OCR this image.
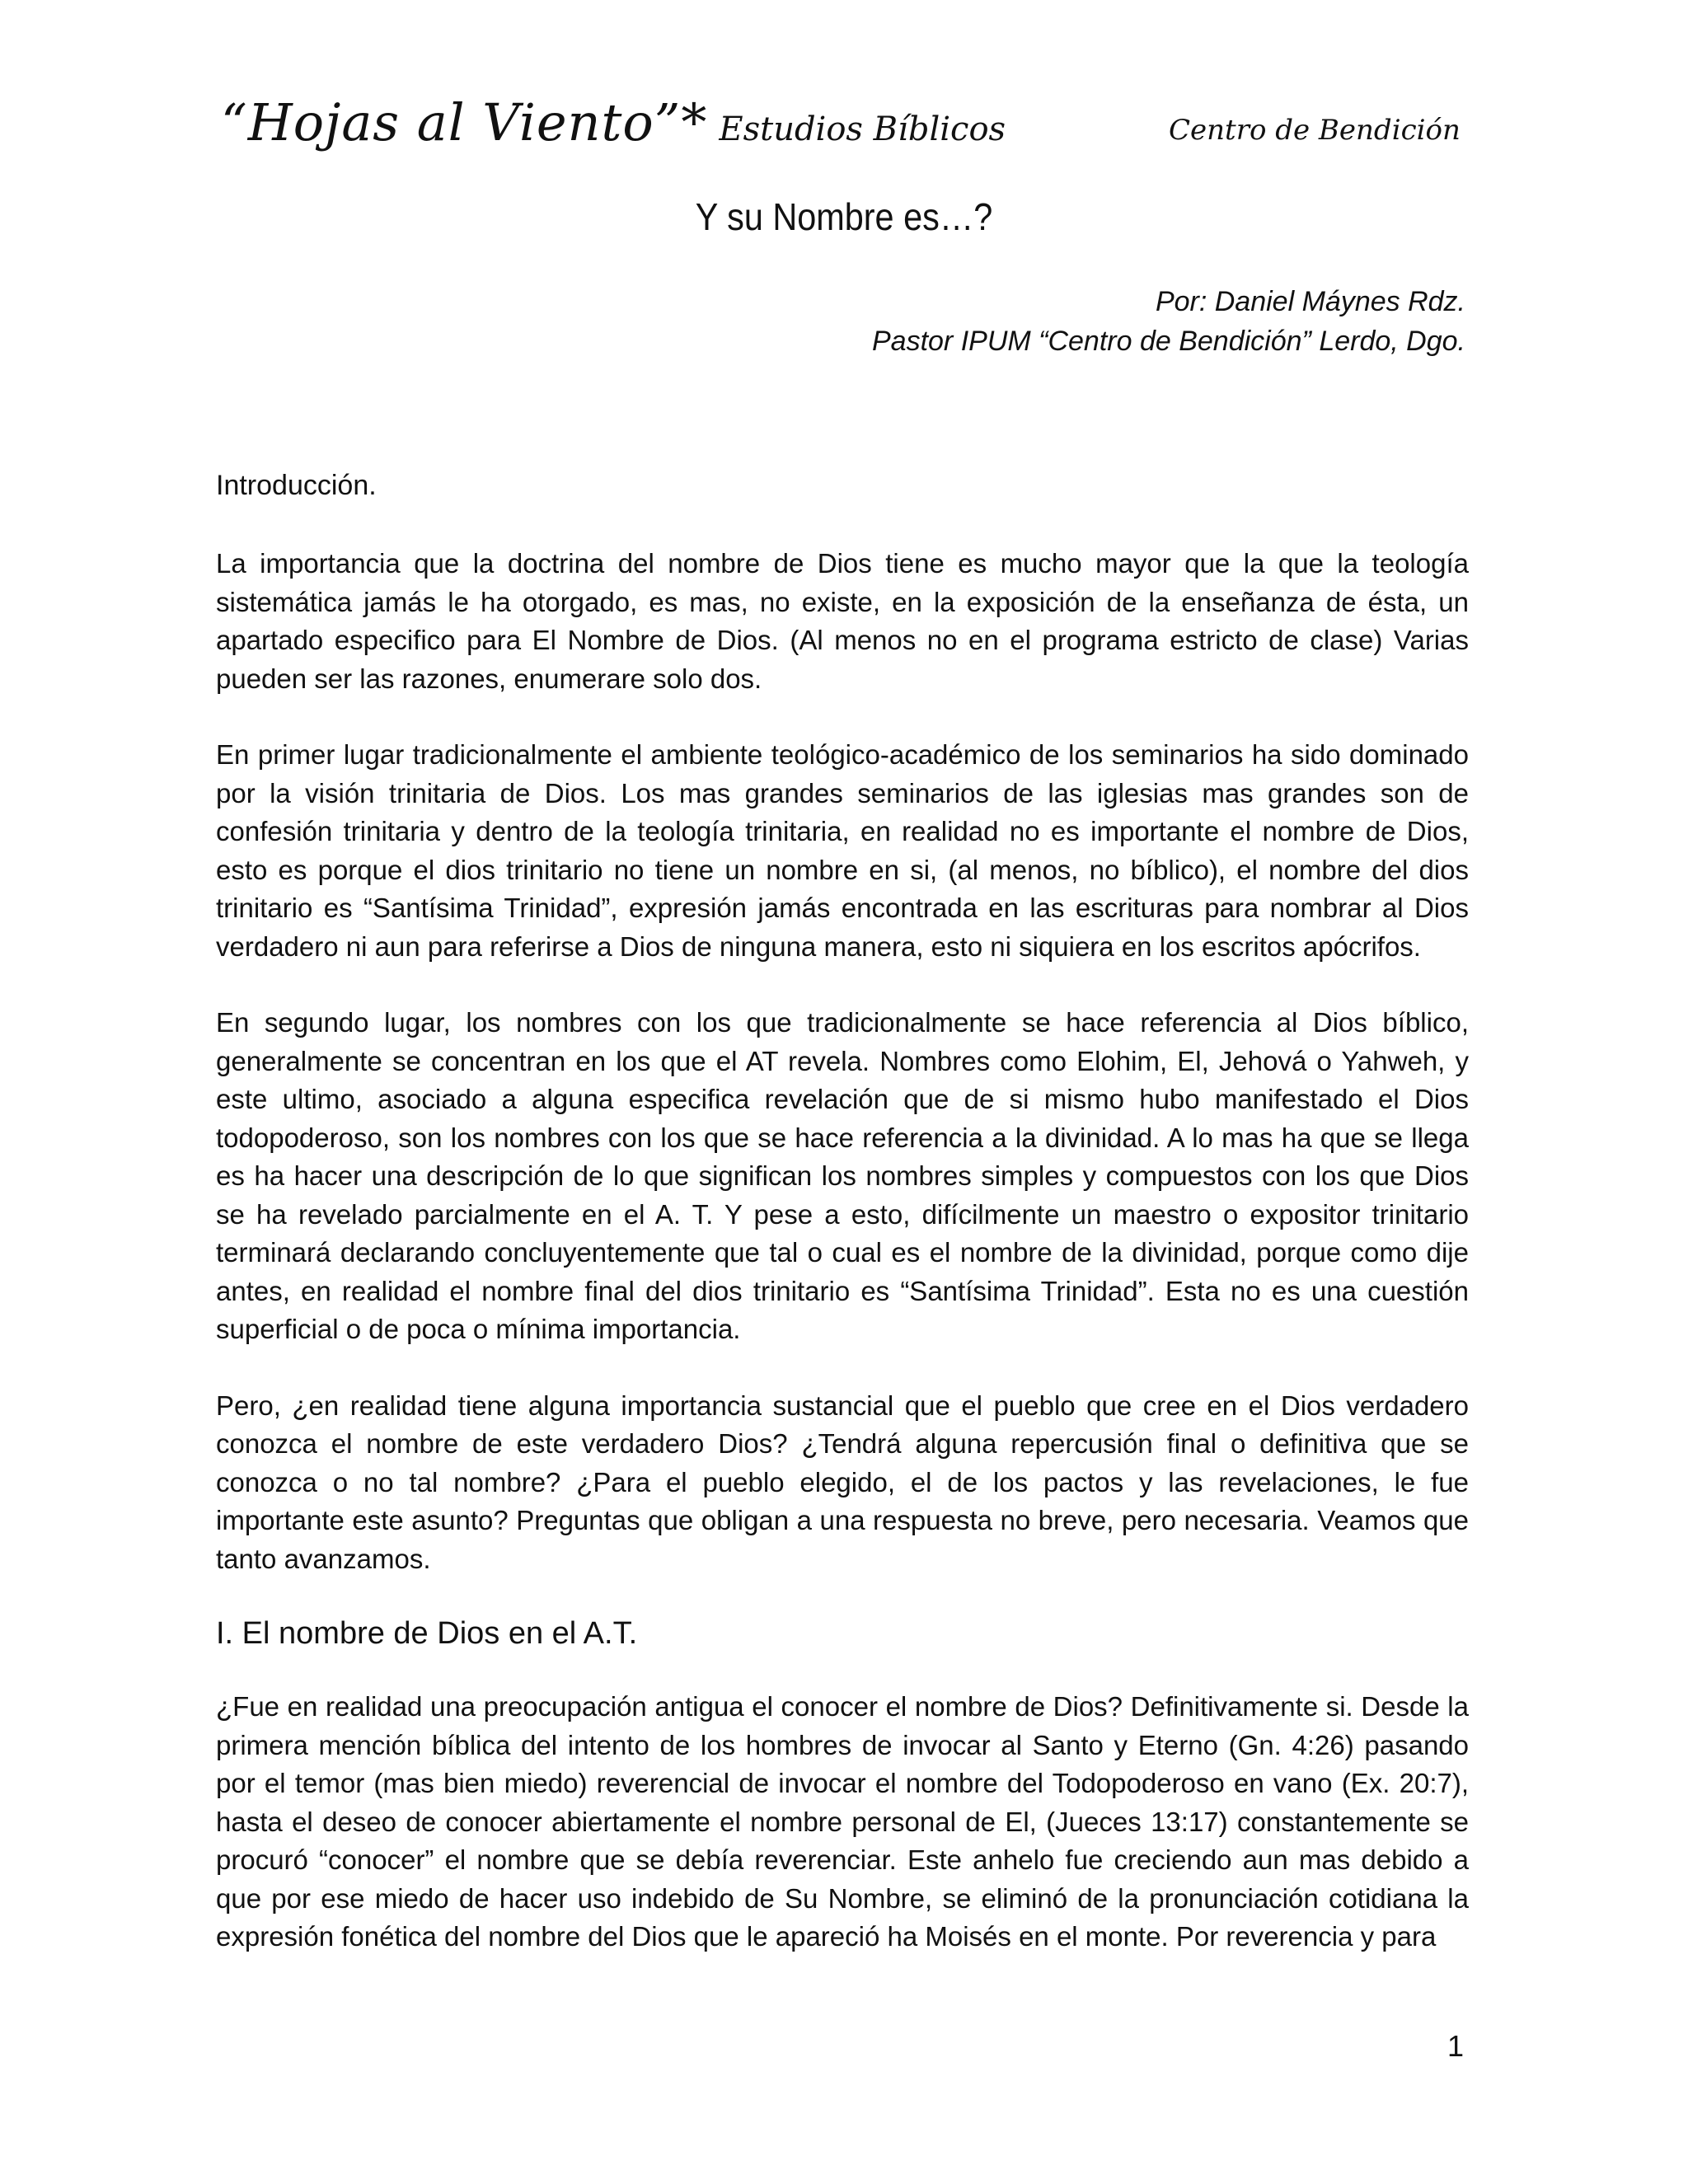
“Hojas al Viento”* Estudios Bíblicos	Centro de Bendición
Y su Nombre es…?
Por: Daniel Máynes Rdz.
Pastor IPUM “Centro de Bendición” Lerdo, Dgo.
Introducción.

La importancia que la doctrina del nombre de Dios tiene es mucho mayor que la que la teología sistemática jamás le ha otorgado, es mas, no existe, en la exposición de la enseñanza de ésta, un apartado especifico para El Nombre de Dios. (Al menos no en el programa estricto de clase) Varias pueden ser las razones, enumerare solo dos.

En primer lugar tradicionalmente el ambiente teológico-académico de los seminarios ha sido dominado por la visión trinitaria de Dios. Los mas grandes seminarios de las iglesias mas grandes son de confesión trinitaria y dentro de la teología trinitaria, en realidad no es importante el nombre de Dios, esto es porque el dios trinitario no tiene un nombre en si, (al menos, no bíblico), el nombre del dios trinitario es “Santísima Trinidad”, expresión jamás encontrada en las escrituras para nombrar al Dios verdadero ni aun para referirse a Dios de ninguna manera, esto ni siquiera en los escritos apócrifos.

En segundo lugar, los nombres con los que tradicionalmente se hace referencia al Dios bíblico, generalmente se concentran en los que el AT revela. Nombres como Elohim, El, Jehová o Yahweh, y este ultimo, asociado a alguna especifica revelación que de si mismo hubo manifestado el Dios todopoderoso, son los nombres con los que se hace referencia a la divinidad. A lo mas ha que se llega es ha hacer una descripción de lo que significan los nombres simples y compuestos con los que Dios se ha revelado parcialmente en el A. T. Y pese a esto, difícilmente un maestro o expositor trinitario terminará declarando concluyentemente que tal o cual es el nombre de la divinidad, porque como dije antes, en realidad el nombre final del dios trinitario es “Santísima Trinidad”. Esta no es una cuestión superficial o de poca o mínima importancia.

Pero, ¿en realidad tiene alguna importancia sustancial que el pueblo que cree en el Dios verdadero conozca el nombre de este verdadero Dios? ¿Tendrá alguna repercusión final o definitiva que se conozca o no tal nombre? ¿Para el pueblo elegido, el de los pactos y las revelaciones, le fue importante este asunto? Preguntas que obligan a una respuesta no breve, pero necesaria. Veamos que tanto avanzamos.

I. El nombre de Dios en el A.T.

¿Fue en realidad una preocupación antigua el conocer el nombre de Dios? Definitivamente si. Desde la primera mención bíblica del intento de los hombres de invocar al Santo y Eterno (Gn. 4:26) pasando por el temor (mas bien miedo) reverencial de invocar el nombre del Todopoderoso en vano (Ex. 20:7), hasta el deseo de conocer abiertamente el nombre personal de El, (Jueces 13:17) constantemente se procuró “conocer” el nombre que se debía reverenciar. Este anhelo fue creciendo aun mas debido a que por ese miedo de hacer uso indebido de Su Nombre, se eliminó de la pronunciación cotidiana la expresión fonética del nombre del Dios que le apareció ha Moisés en el monte. Por reverencia y para

1
